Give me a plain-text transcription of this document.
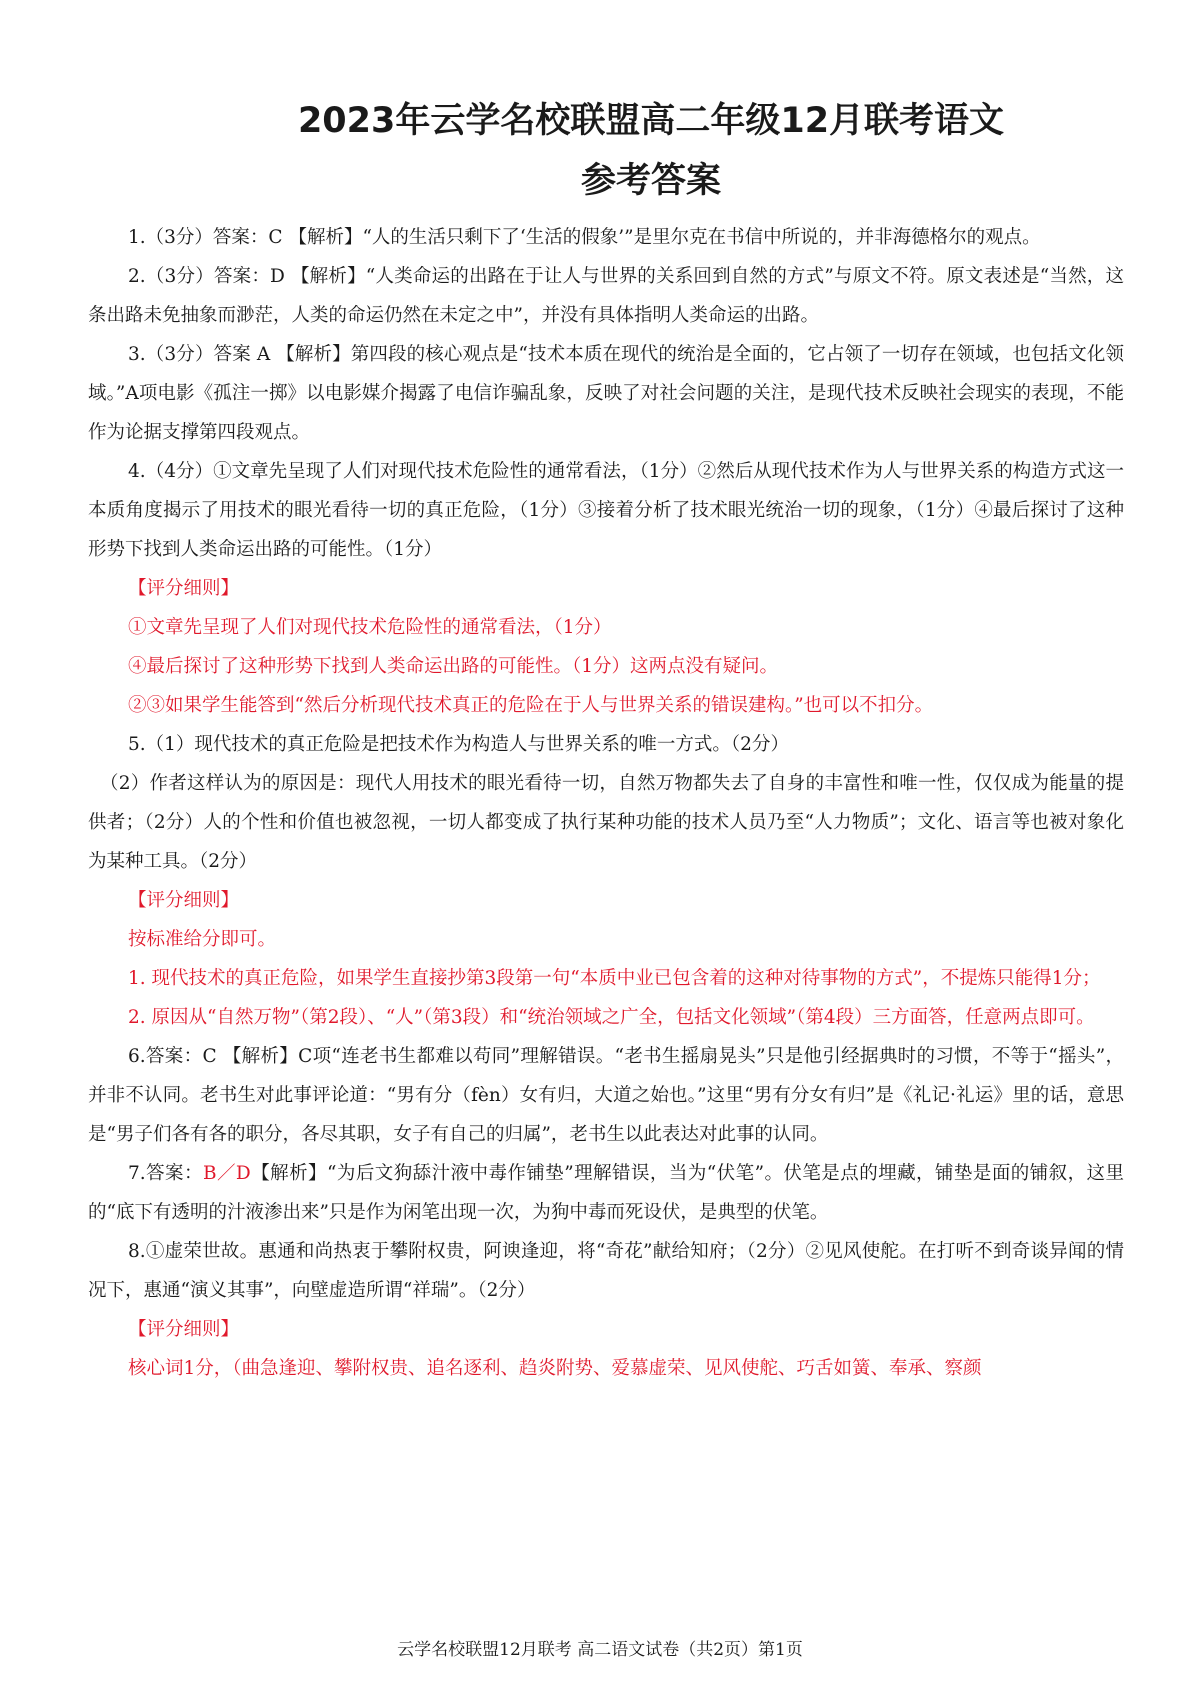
2023年云学名校联盟高二年级12月联考语文
参考答案

1.（3分）答案：C 【解析】“人的生活只剩下了‘生活的假象’”是里尔克在书信中所说的，并非海德格尔的观点。

2.（3分）答案：D 【解析】“人类命运的出路在于让人与世界的关系回到自然的方式”与原文不符。原文表述是“当然，这条出路未免抽象而渺茫，人类的命运仍然在未定之中”，并没有具体指明人类命运的出路。

3.（3分）答案 A 【解析】第四段的核心观点是“技术本质在现代的统治是全面的，它占领了一切存在领域，也包括文化领域。”A项电影《孤注一掷》以电影媒介揭露了电信诈骗乱象，反映了对社会问题的关注，是现代技术反映社会现实的表现，不能作为论据支撑第四段观点。

4.（4分）①文章先呈现了人们对现代技术危险性的通常看法，（1分）②然后从现代技术作为人与世界关系的构造方式这一本质角度揭示了用技术的眼光看待一切的真正危险，（1分）③接着分析了技术眼光统治一切的现象，（1分）④最后探讨了这种形势下找到人类命运出路的可能性。（1分）

【评分细则】

①文章先呈现了人们对现代技术危险性的通常看法，（1分）

④最后探讨了这种形势下找到人类命运出路的可能性。（1分）这两点没有疑问。

②③如果学生能答到“然后分析现代技术真正的危险在于人与世界关系的错误建构。”也可以不扣分。

5.（1）现代技术的真正危险是把技术作为构造人与世界关系的唯一方式。（2分）

（2）作者这样认为的原因是：现代人用技术的眼光看待一切，自然万物都失去了自身的丰富性和唯一性，仅仅成为能量的提供者；（2分）人的个性和价值也被忽视，一切人都变成了执行某种功能的技术人员乃至“人力物质”；文化、语言等也被对象化为某种工具。（2分）

【评分细则】

按标准给分即可。

1. 现代技术的真正危险，如果学生直接抄第3段第一句“本质中业已包含着的这种对待事物的方式”，不提炼只能得1分；

2. 原因从“自然万物”（第2段）、“人”（第3段）和“统治领域之广全，包括文化领域”（第4段）三方面答，任意两点即可。

6.答案：C 【解析】C项“连老书生都难以苟同”理解错误。“老书生摇扇晃头”只是他引经据典时的习惯，不等于“摇头”，并非不认同。老书生对此事评论道：“男有分（fèn）女有归，大道之始也。”这里“男有分女有归”是《礼记·礼运》里的话，意思是“男子们各有各的职分，各尽其职，女子有自己的归属”，老书生以此表达对此事的认同。

7.答案：B／D【解析】“为后文狗舔汁液中毒作铺垫”理解错误，当为“伏笔”。伏笔是点的埋藏，铺垫是面的铺叙，这里的“底下有透明的汁液渗出来”只是作为闲笔出现一次，为狗中毒而死设伏，是典型的伏笔。

8.①虚荣世故。惠通和尚热衷于攀附权贵，阿谀逢迎，将“奇花”献给知府；（2分）②见风使舵。在打听不到奇谈异闻的情况下，惠通“演义其事”，向壁虚造所谓“祥瑞”。（2分）

【评分细则】

核心词1分，（曲急逢迎、攀附权贵、追名逐利、趋炎附势、爱慕虚荣、见风使舵、巧舌如簧、奉承、察颜

云学名校联盟12月联考 高二语文试卷（共2页）第1页
